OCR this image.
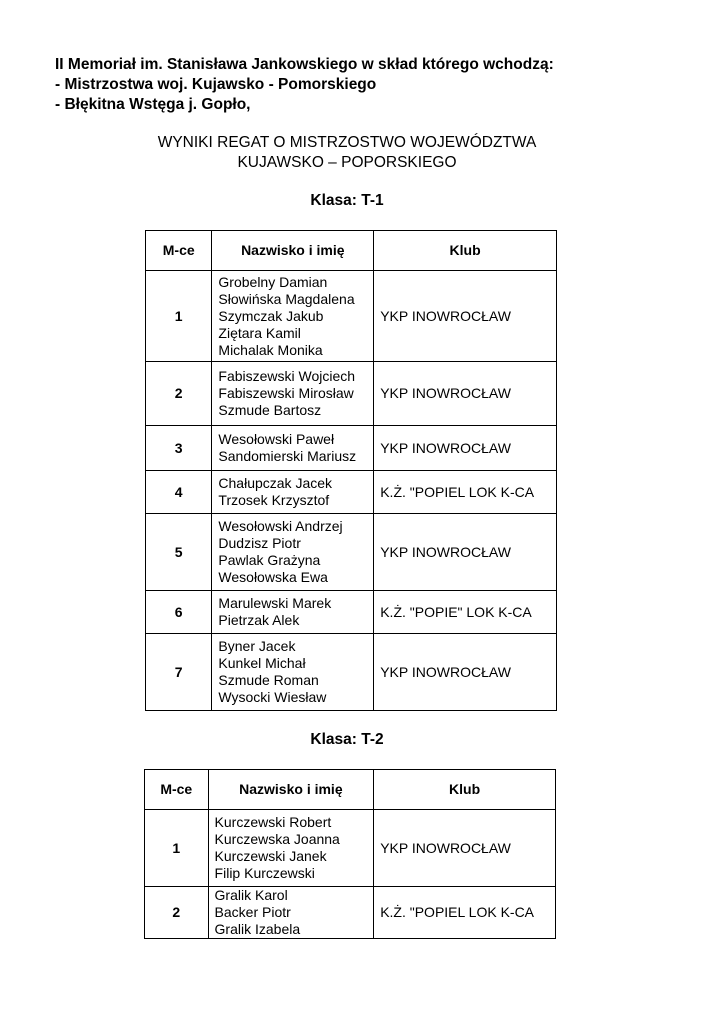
II Memoriał im. Stanisława Jankowskiego w skład którego wchodzą:
- Mistrzostwa woj. Kujawsko - Pomorskiego
- Błękitna Wstęga j. Gopło,
WYNIKI REGAT O MISTRZOSTWO WOJEWÓDZTWA
KUJAWSKO – POPORSKIEGO
Klasa: T-1
M-ce	Nazwisko i imię	Klub
1	Grobelny Damian
Słowińska Magdalena
Szymczak Jakub
Ziętara Kamil
Michalak Monika	YKP INOWROCŁAW
2	Fabiszewski Wojciech
Fabiszewski Mirosław
Szmude Bartosz	YKP INOWROCŁAW
3	Wesołowski Paweł
Sandomierski Mariusz	YKP INOWROCŁAW
4	Chałupczak Jacek
Trzosek Krzysztof	K.Ż. "POPIEL LOK K-CA
5	Wesołowski Andrzej
Dudzisz Piotr
Pawlak Grażyna
Wesołowska Ewa	YKP INOWROCŁAW
6	Marulewski Marek
Pietrzak Alek	K.Ż. "POPIE" LOK K-CA
7	Byner Jacek
Kunkel Michał
Szmude Roman
Wysocki Wiesław	YKP INOWROCŁAW
Klasa: T-2
M-ce	Nazwisko i imię	Klub
1	Kurczewski Robert
Kurczewska Joanna
Kurczewski Janek
Filip Kurczewski	YKP INOWROCŁAW
2	Gralik Karol
Backer Piotr
Gralik Izabela	K.Ż. "POPIEL LOK K-CA
